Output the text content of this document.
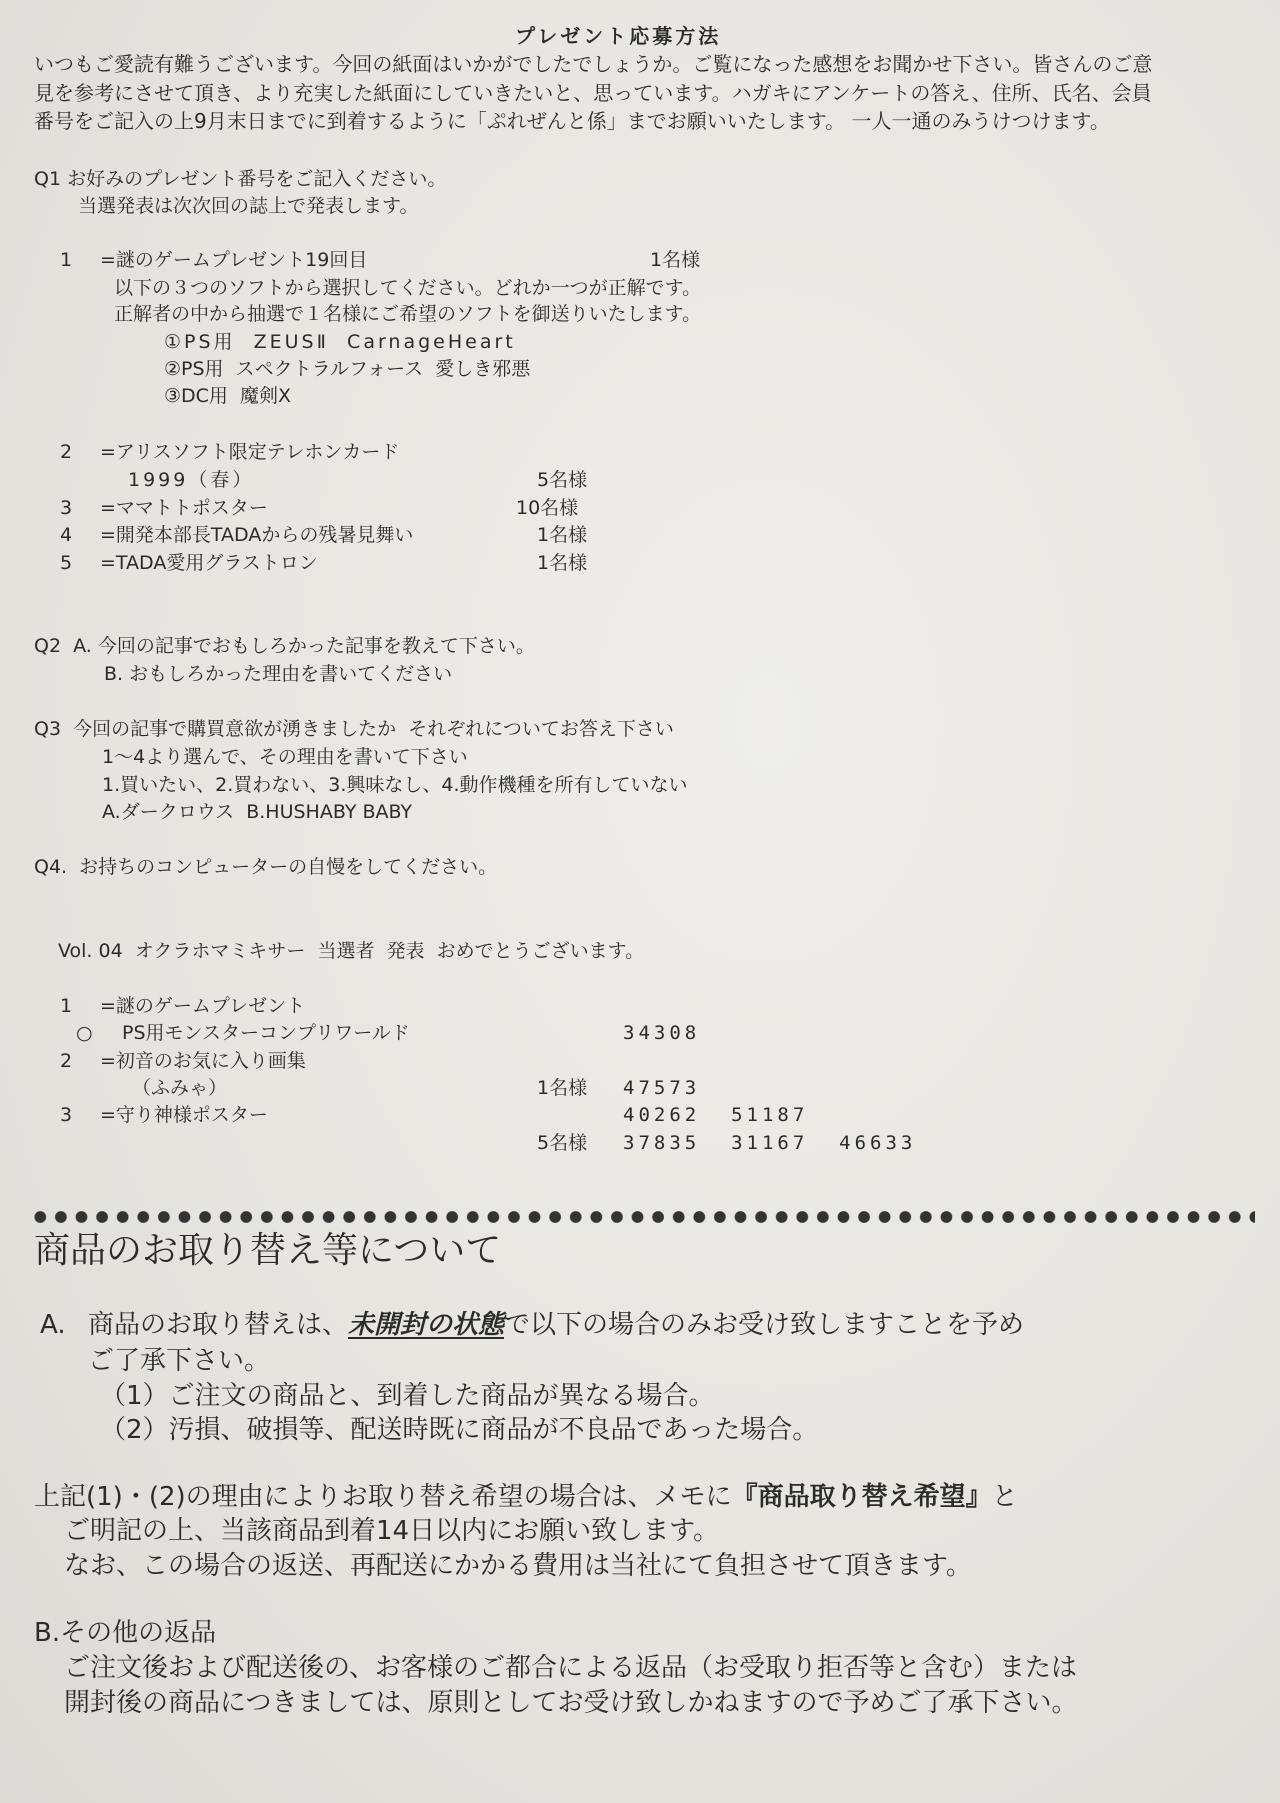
プレゼント応募方法
いつもご愛読有難うございます。今回の紙面はいかがでしたでしょうか。ご覧になった感想をお聞かせ下さい。皆さんのご意
見を参考にさせて頂き、より充実した紙面にしていきたいと、思っています。ハガキにアンケートの答え、住所、氏名、会員
番号をご記入の上9月末日までに到着するように「ぷれぜんと係」までお願いいたします。 一人一通のみうけつけます。
Q1 お好みのプレゼント番号をご記入ください。
当選発表は次次回の誌上で発表します。
1 =謎のゲームプレゼント19回目	1名様
以下の３つのソフトから選択してください。どれか一つが正解です。
正解者の中から抽選で１名様にご希望のソフトを御送りいたします。
①PS用  ZEUSⅡ  CarnageHeart
②PS用  スペクトラルフォース  愛しき邪悪
③DC用  魔剣X
2 =アリスソフト限定テレホンカード
1999（春）	5名様
3 =ママトトポスター	10名様
4 =開発本部長TADAからの残暑見舞い	1名様
5 =TADA愛用グラストロン	1名様
Q2  A. 今回の記事でおもしろかった記事を教えて下さい。
B. おもしろかった理由を書いてください
Q3  今回の記事で購買意欲が湧きましたか  それぞれについてお答え下さい
1～4より選んで、その理由を書いて下さい
1.買いたい、2.買わない、3.興味なし、4.動作機種を所有していない
A.ダークロウス  B.HUSHABY BABY
Q4.  お持ちのコンピューターの自慢をしてください。
Vol. 04  オクラホマミキサー  当選者  発表  おめでとうございます。
1 =謎のゲームプレゼント
○ PS用モンスターコンプリワールド	34308
2 =初音のお気に入り画集
（ふみゃ）	1名様 47573
3 =守り神様ポスター	40262  51187
5名様 37835  31167  46633
商品のお取り替え等について
A. 商品のお取り替えは、未開封の状態で以下の場合のみお受け致しますことを予め
ご了承下さい。
（1）ご注文の商品と、到着した商品が異なる場合。
（2）汚損、破損等、配送時既に商品が不良品であった場合。
上記(1)・(2)の理由によりお取り替え希望の場合は、メモに『商品取り替え希望』と
ご明記の上、当該商品到着14日以内にお願い致します。
なお、この場合の返送、再配送にかかる費用は当社にて負担させて頂きます。
B.その他の返品
ご注文後および配送後の、お客様のご都合による返品（お受取り拒否等と含む）または
開封後の商品につきましては、原則としてお受け致しかねますので予めご了承下さい。
